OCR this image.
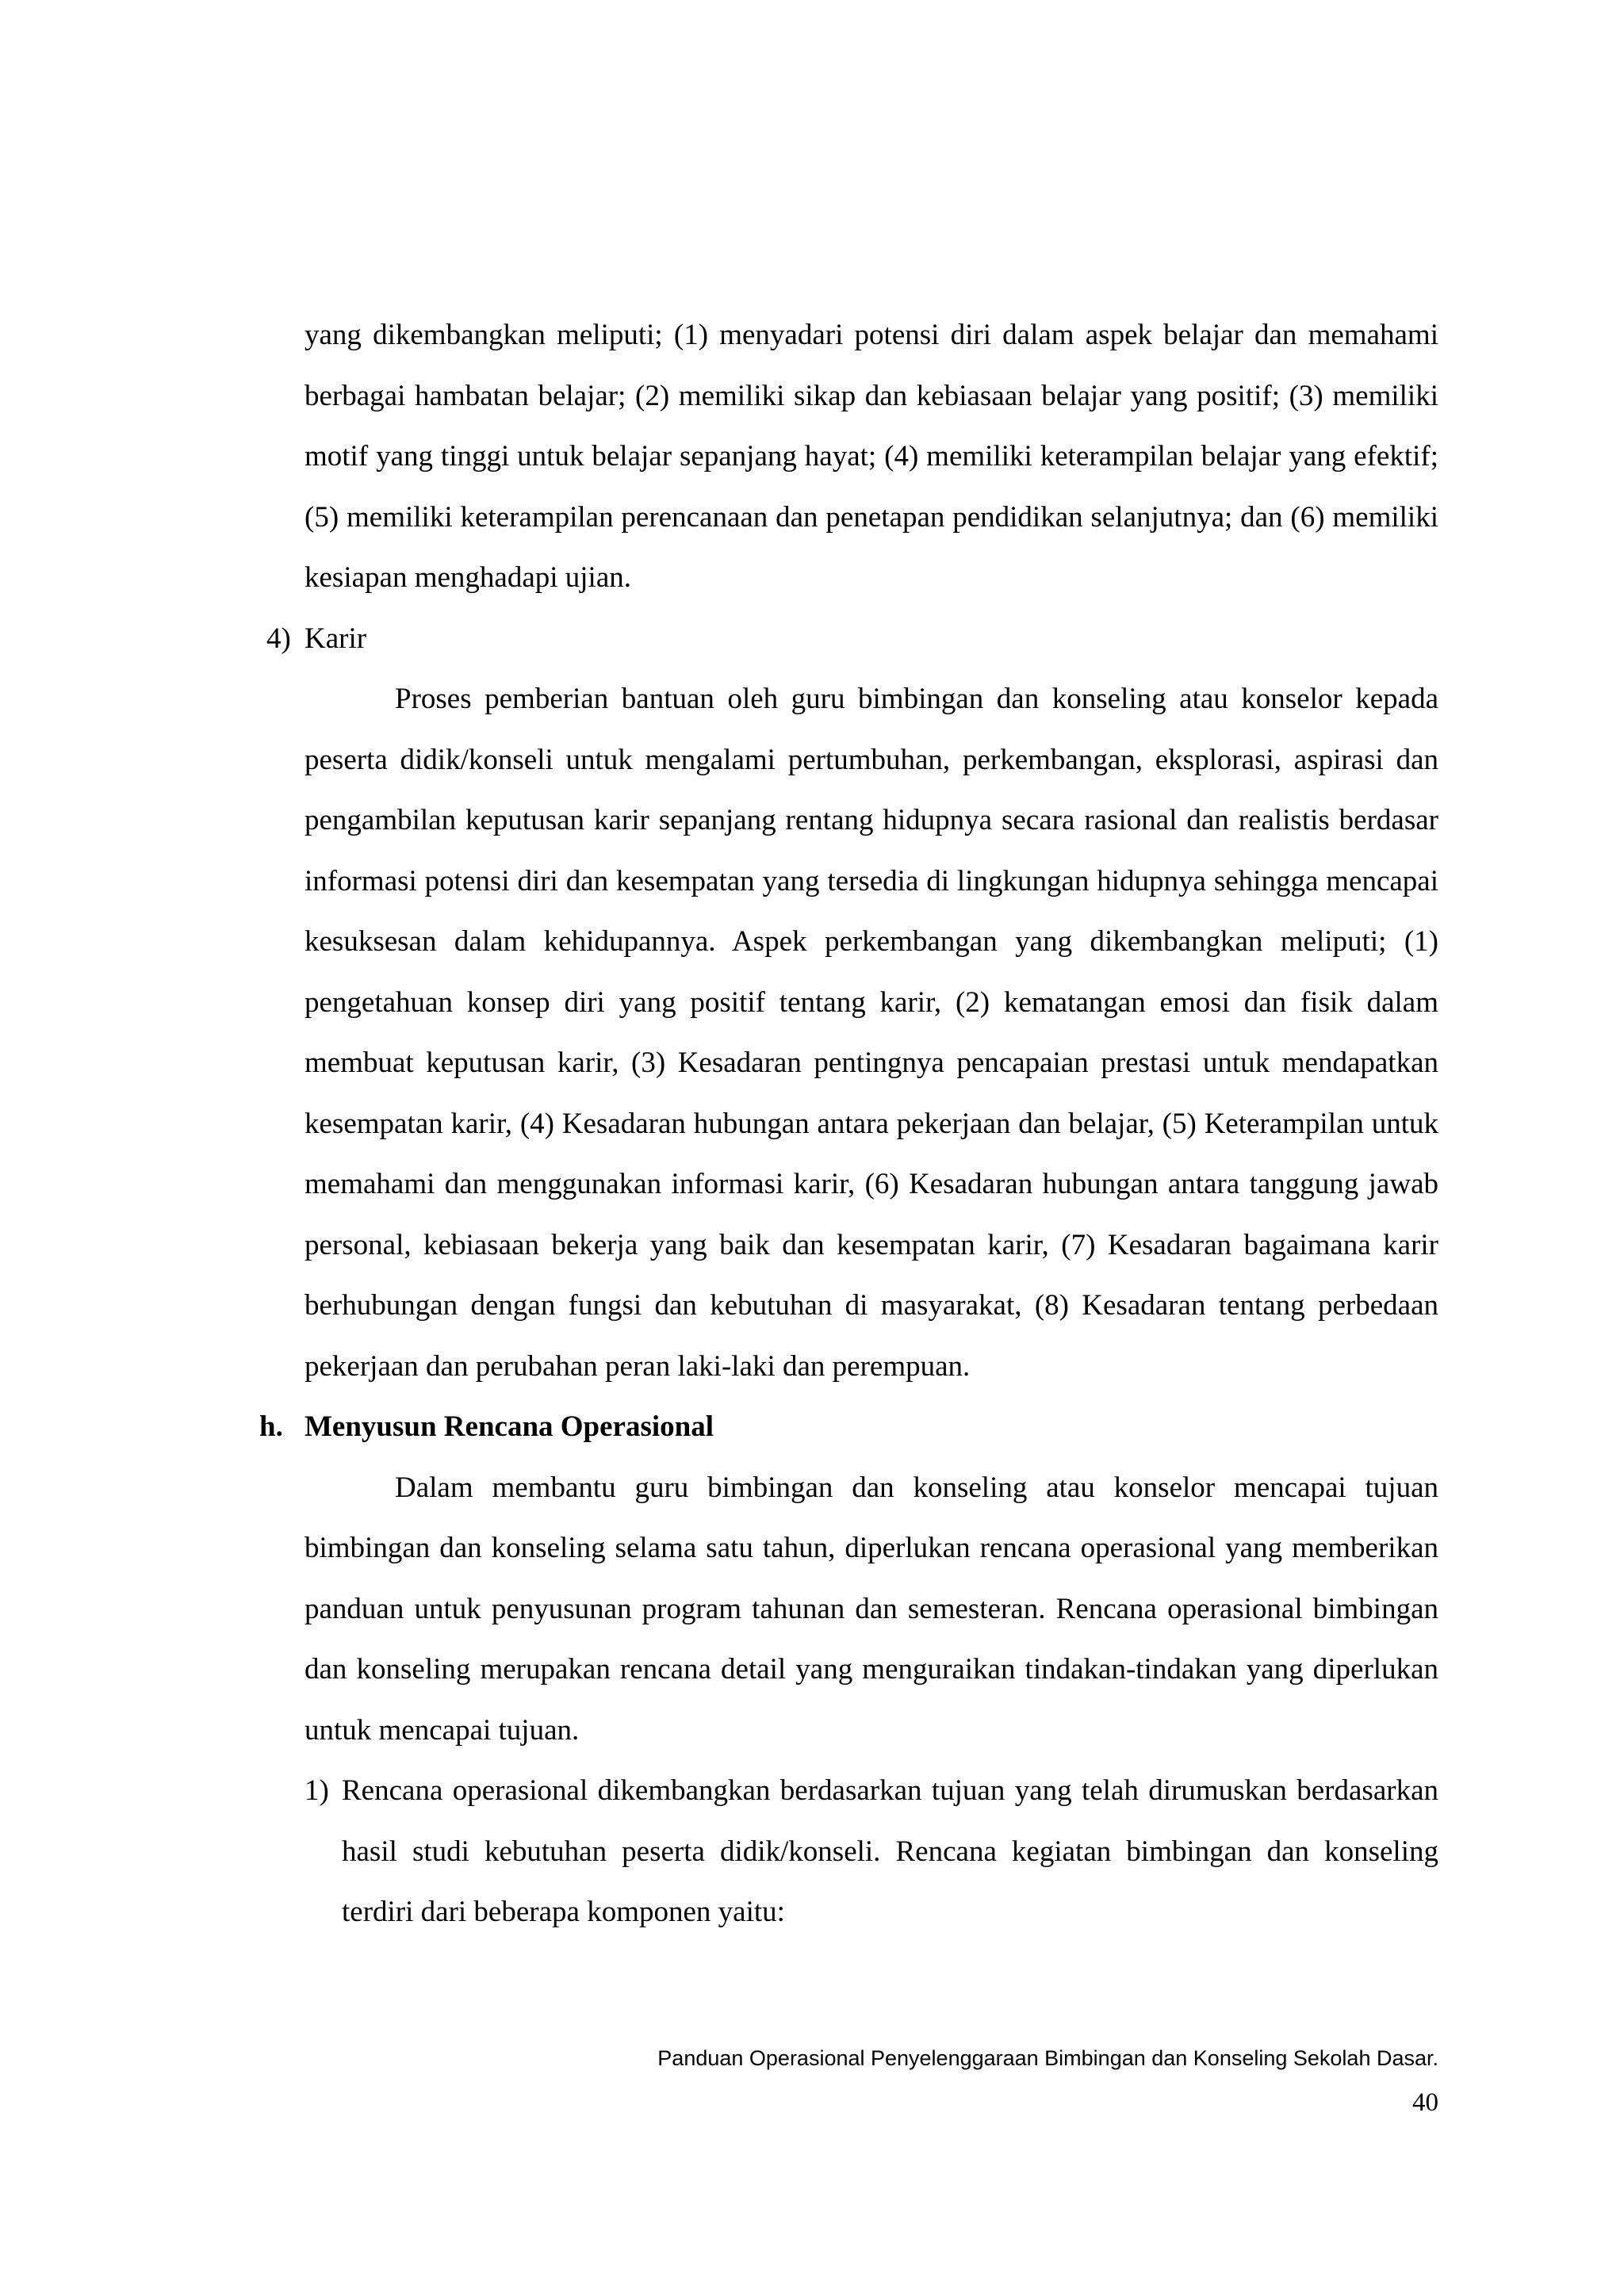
yang dikembangkan meliputi; (1) menyadari potensi diri dalam aspek belajar dan memahami berbagai hambatan belajar; (2) memiliki sikap dan kebiasaan belajar yang positif; (3) memiliki motif yang tinggi untuk belajar sepanjang hayat; (4) memiliki keterampilan belajar yang efektif; (5) memiliki keterampilan perencanaan dan penetapan pendidikan selanjutnya; dan (6) memiliki kesiapan menghadapi ujian.

4) Karir

Proses pemberian bantuan oleh guru bimbingan dan konseling atau konselor kepada peserta didik/konseli untuk mengalami pertumbuhan, perkembangan, eksplorasi, aspirasi dan pengambilan keputusan karir sepanjang rentang hidupnya secara rasional dan realistis berdasar informasi potensi diri dan kesempatan yang tersedia di lingkungan hidupnya sehingga mencapai kesuksesan dalam kehidupannya. Aspek perkembangan yang dikembangkan meliputi; (1) pengetahuan konsep diri yang positif tentang karir, (2) kematangan emosi dan fisik dalam membuat keputusan karir, (3) Kesadaran pentingnya pencapaian prestasi untuk mendapatkan kesempatan karir, (4) Kesadaran hubungan antara pekerjaan dan belajar, (5) Keterampilan untuk memahami dan menggunakan informasi karir, (6) Kesadaran hubungan antara tanggung jawab personal, kebiasaan bekerja yang baik dan kesempatan karir, (7) Kesadaran bagaimana karir berhubungan dengan fungsi dan kebutuhan di masyarakat, (8) Kesadaran tentang perbedaan pekerjaan dan perubahan peran laki-laki dan perempuan.

h. Menyusun Rencana Operasional

Dalam membantu guru bimbingan dan konseling atau konselor mencapai tujuan bimbingan dan konseling selama satu tahun, diperlukan rencana operasional yang memberikan panduan untuk penyusunan program tahunan dan semesteran. Rencana operasional bimbingan dan konseling merupakan rencana detail yang menguraikan tindakan-tindakan yang diperlukan untuk mencapai tujuan.

1) Rencana operasional dikembangkan berdasarkan tujuan yang telah dirumuskan berdasarkan hasil studi kebutuhan peserta didik/konseli. Rencana kegiatan bimbingan dan konseling terdiri dari beberapa komponen yaitu:

Panduan Operasional Penyelenggaraan Bimbingan dan Konseling Sekolah Dasar. 40
